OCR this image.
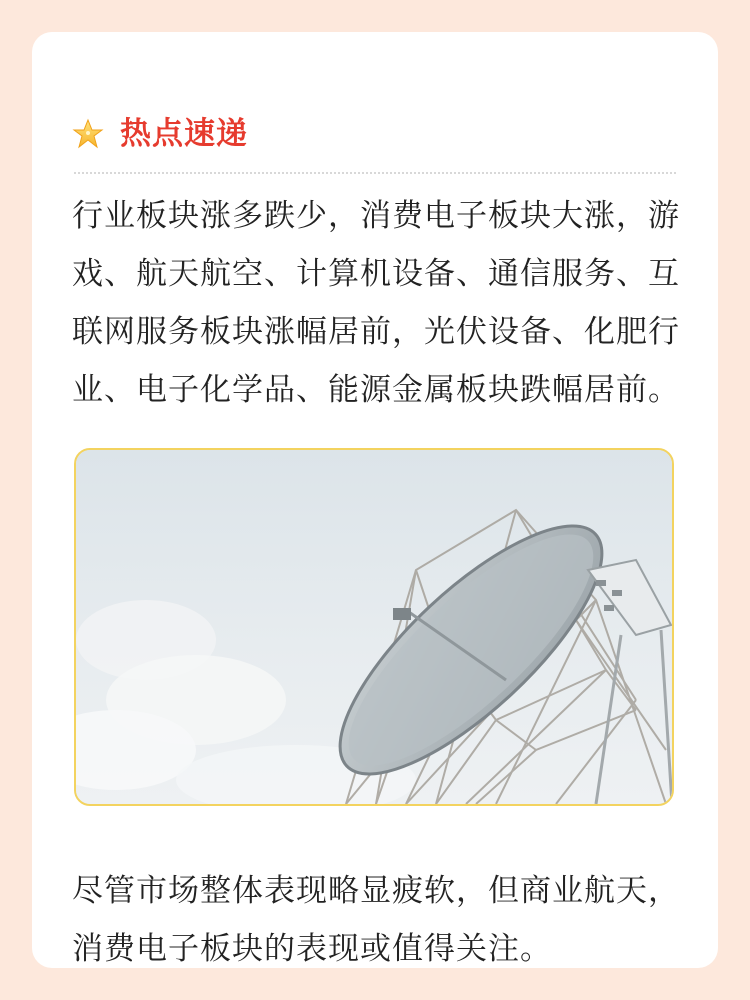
热点速递
行业板块涨多跌少，消费电子板块大涨，游戏、航天航空、计算机设备、通信服务、互联网服务板块涨幅居前，光伏设备、化肥行业、电子化学品、能源金属板块跌幅居前。
尽管市场整体表现略显疲软，但商业航天，消费电子板块的表现或值得关注。
